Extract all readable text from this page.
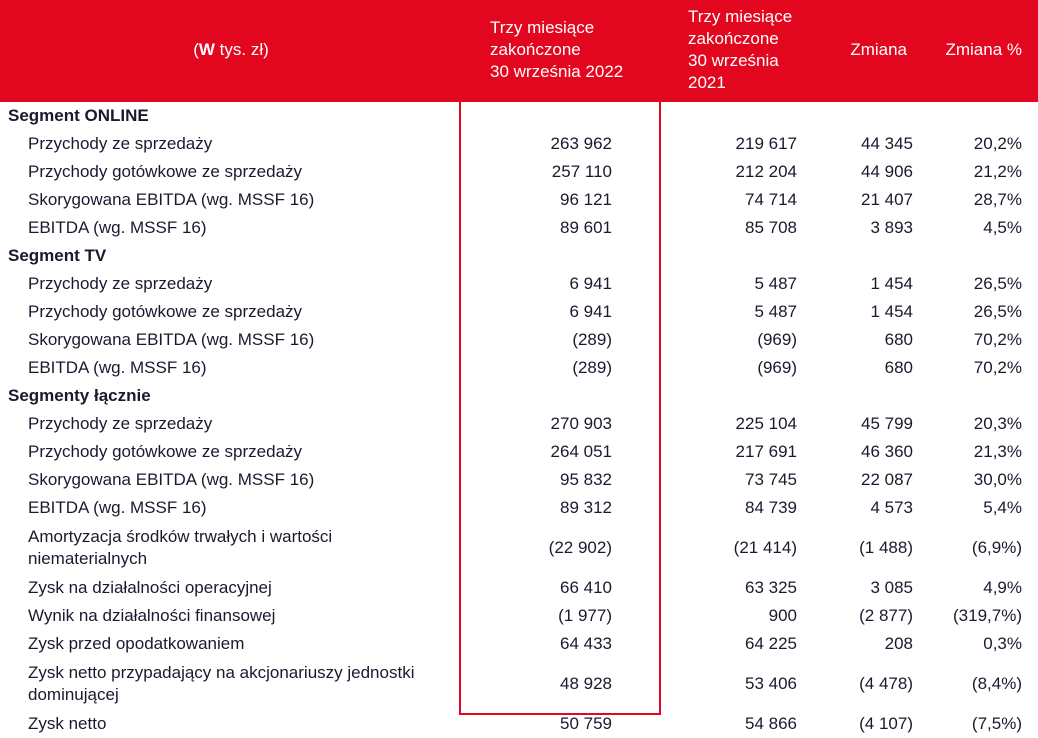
(W tys. zł)	Trzy miesiące
zakończone
30 września 2022	Trzy miesiące
zakończone
30 września 2021	Zmiana	Zmiana %
Segment ONLINE				
Przychody ze sprzedaży	263 962	219 617	44 345	20,2%
Przychody gotówkowe ze sprzedaży	257 110	212 204	44 906	21,2%
Skorygowana EBITDA (wg. MSSF 16)	96 121	74 714	21 407	28,7%
EBITDA (wg. MSSF 16)	89 601	85 708	3 893	4,5%
Segment TV				
Przychody ze sprzedaży	6 941	5 487	1 454	26,5%
Przychody gotówkowe ze sprzedaży	6 941	5 487	1 454	26,5%
Skorygowana EBITDA (wg. MSSF 16)	(289)	(969)	680	70,2%
EBITDA (wg. MSSF 16)	(289)	(969)	680	70,2%
Segmenty łącznie				
Przychody ze sprzedaży	270 903	225 104	45 799	20,3%
Przychody gotówkowe ze sprzedaży	264 051	217 691	46 360	21,3%
Skorygowana EBITDA (wg. MSSF 16)	95 832	73 745	22 087	30,0%
EBITDA (wg. MSSF 16)	89 312	84 739	4 573	5,4%
Amortyzacja środków trwałych i wartości niematerialnych	(22 902)	(21 414)	(1 488)	(6,9%)
Zysk na działalności operacyjnej	66 410	63 325	3 085	4,9%
Wynik na działalności finansowej	(1 977)	900	(2 877)	(319,7%)
Zysk przed opodatkowaniem	64 433	64 225	208	0,3%
Zysk netto przypadający na akcjonariuszy jednostki dominującej	48 928	53 406	(4 478)	(8,4%)
Zysk netto	50 759	54 866	(4 107)	(7,5%)
